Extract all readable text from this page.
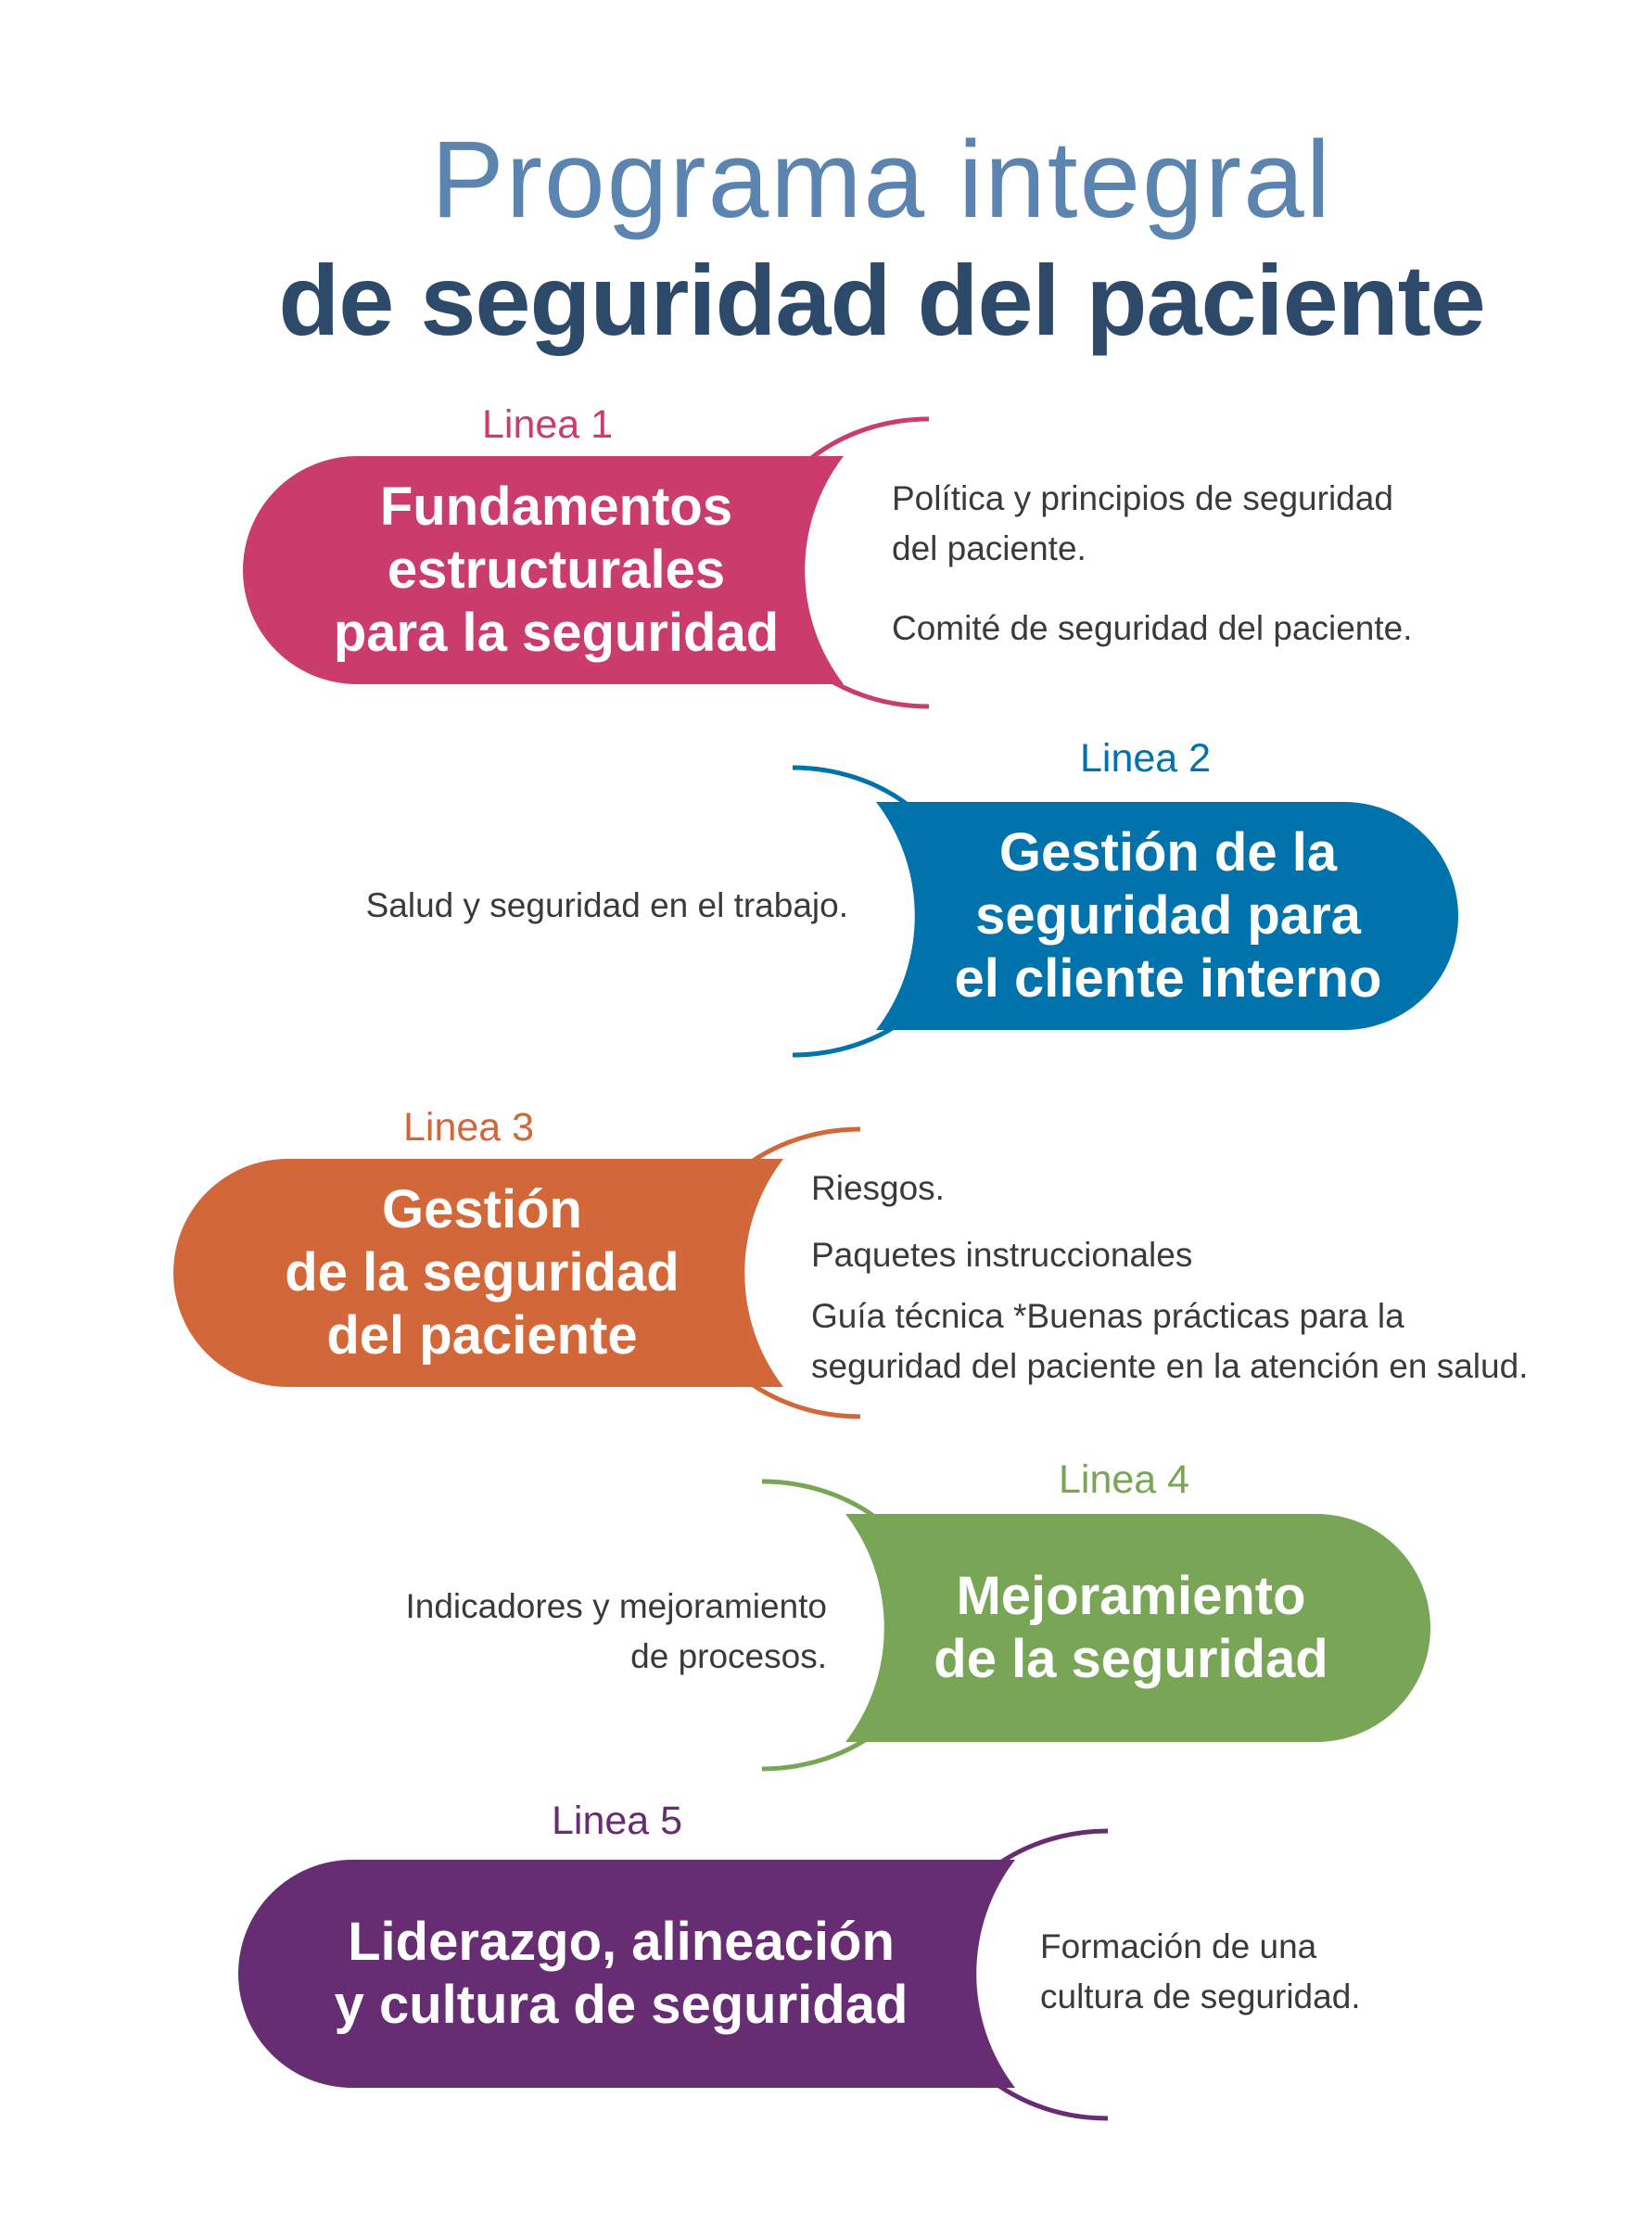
Programa integral
de seguridad del paciente
Linea 1
Fundamentos
estructurales
para la seguridad
Política y principios de seguridad
del paciente.
Comité de seguridad del paciente.
Linea 2
Gestión de la
seguridad para
el cliente interno
Salud y seguridad en el trabajo.
Linea 3
Gestión
de la seguridad
del paciente
Riesgos.
Paquetes instruccionales
Guía técnica *Buenas prácticas para la
seguridad del paciente en la atención en salud.
Linea 4
Mejoramiento
de la seguridad
Indicadores y mejoramiento
de procesos.
Linea 5
Liderazgo, alineación
y cultura de seguridad
Formación de una
cultura de seguridad.
